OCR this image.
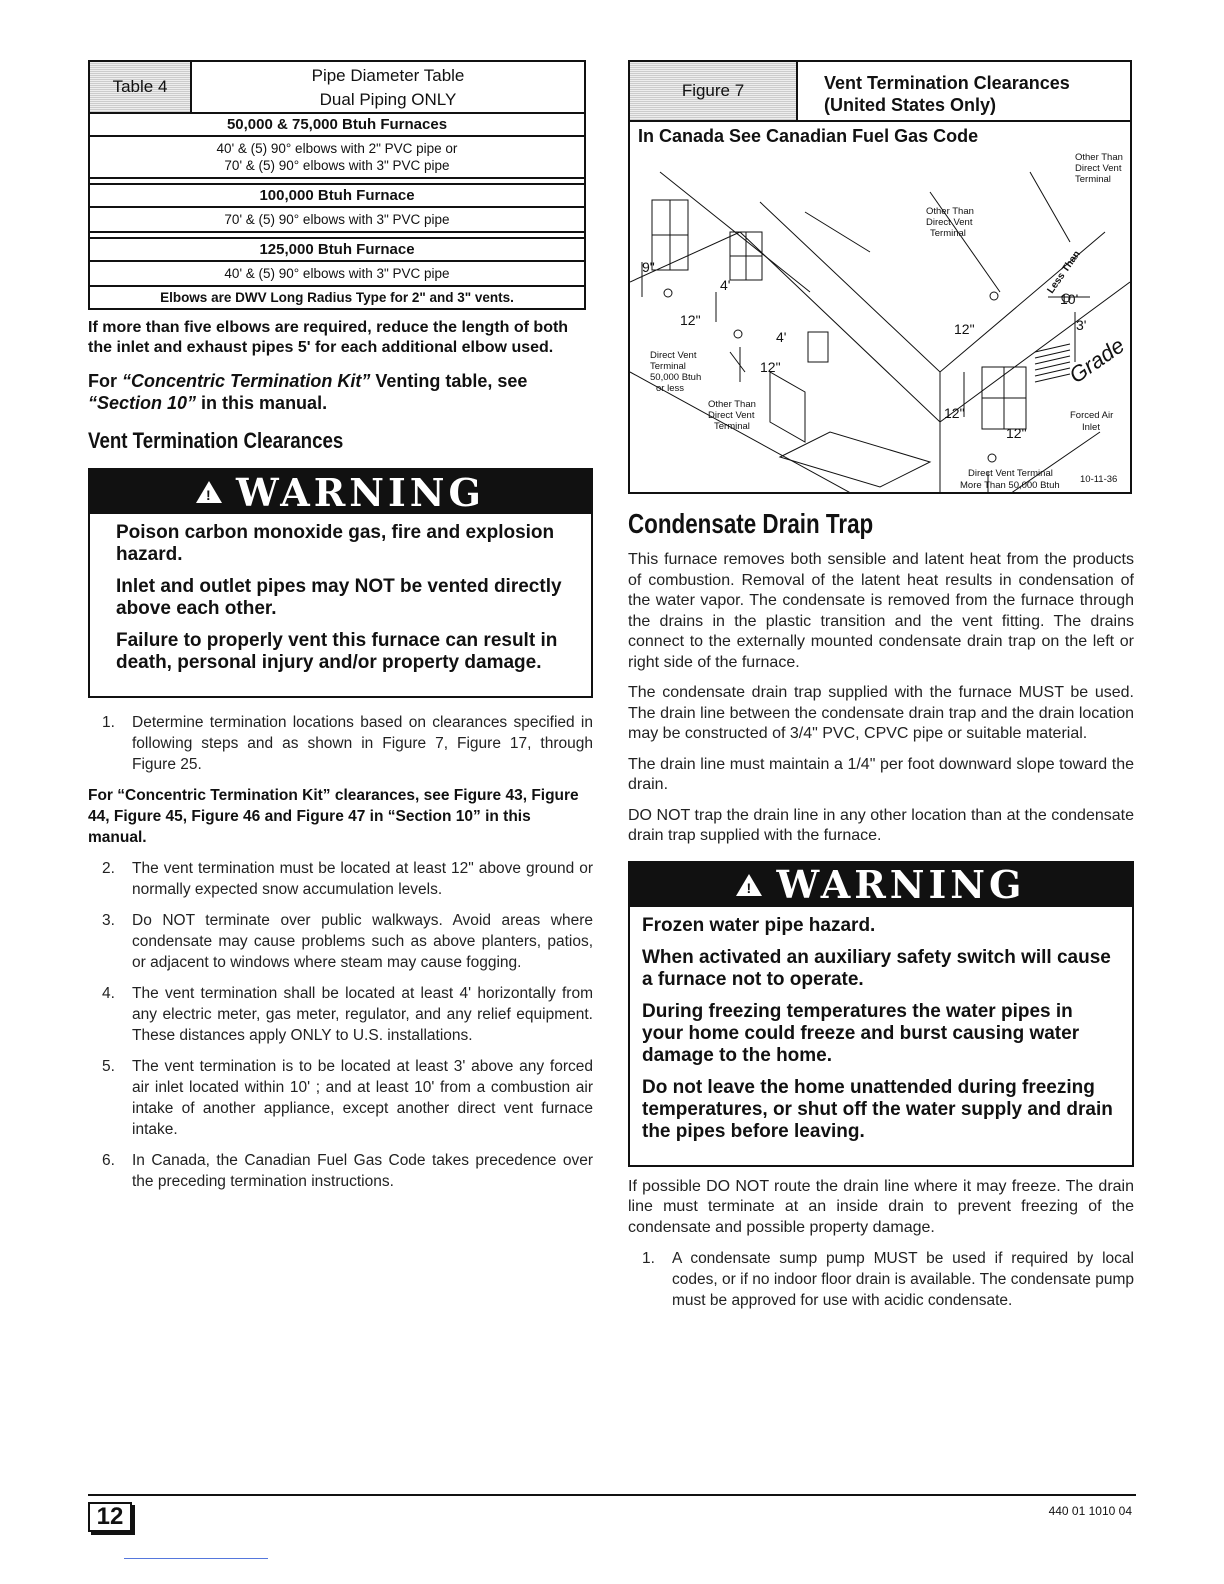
Table 4
Pipe Diameter Table
Dual Piping ONLY
50,000 & 75,000 Btuh Furnaces
40' & (5) 90° elbows with 2" PVC pipe or
70' & (5) 90° elbows with 3" PVC pipe
100,000 Btuh Furnace
70' & (5) 90° elbows with 3" PVC pipe
125,000 Btuh Furnace
40' & (5) 90° elbows with 3" PVC pipe
Elbows are DWV Long Radius Type for 2" and 3" vents.

If more than five elbows are required, reduce the length of both the inlet and exhaust pipes 5' for each additional elbow used.

For “Concentric Termination Kit” Venting table, see “Section 10” in this manual.

Vent Termination Clearances
! WARNING

Poison carbon monoxide gas, fire and explosion hazard.

Inlet and outlet pipes may NOT be vented directly above each other.

Failure to properly vent this furnace can result in death, personal injury and/or property damage.

1.	Determine termination locations based on clearances specified in following steps and as shown in Figure 7, Figure 17, through Figure 25.

For “Concentric Termination Kit” clearances, see Figure 43, Figure 44, Figure 45, Figure 46 and Figure 47 in “Section 10” in this manual.

2.	The vent termination must be located at least 12" above ground or normally expected snow accumulation levels.
3.	Do NOT terminate over public walkways. Avoid areas where condensate may cause problems such as above planters, patios, or adjacent to windows where steam may cause fogging.
4.	The vent termination shall be located at least 4' horizontally from any electric meter, gas meter, regulator, and any relief equipment. These distances apply ONLY to U.S. installations.
5.	The vent termination is to be located at least 3' above any forced air inlet located within 10' ; and at least 10' from a combustion air intake of another appliance, except another direct vent furnace intake.
6.	In Canada, the Canadian Fuel Gas Code takes precedence over the preceding termination instructions.
Figure 7	Vent Termination Clearances
(United States Only)
In Canada See Canadian Fuel Gas Code
Other Than
Direct Vent
Terminal
Other Than
Direct Vent
Terminal
Other Than
Direct Vent
Terminal
Direct Vent
Terminal
50,000 Btuh
or less
Forced Air
Inlet
Direct Vent Terminal
More Than 50,000 Btuh
10-11-36
Less Than
Grade
9"
4'
12"
4'
12"
10'
3'
12"
12"
12"
Condensate Drain Trap

This furnace removes both sensible and latent heat from the products of combustion. Removal of the latent heat results in condensation of the water vapor. The condensate is removed from the furnace through the drains in the plastic transition and the vent fitting. The drains connect to the externally mounted condensate drain trap on the left or right side of the furnace.

The condensate drain trap supplied with the furnace MUST be used. The drain line between the condensate drain trap and the drain location may be constructed of 3/4" PVC, CPVC pipe or suitable material.

The drain line must maintain a 1/4" per foot downward slope toward the drain.

DO NOT trap the drain line in any other location than at the condensate drain trap supplied with the furnace.

! WARNING

Frozen water pipe hazard.

When activated an auxiliary safety switch will cause a furnace not to operate.

During freezing temperatures the water pipes in your home could freeze and burst causing water damage to the home.

Do not leave the home unattended during freezing temperatures, or shut off the water supply and drain the pipes before leaving.

If possible DO NOT route the drain line where it may freeze. The drain line must terminate at an inside drain to prevent freezing of the condensate and possible property damage.

1.	A condensate sump pump MUST be used if required by local codes, or if no indoor floor drain is available. The condensate pump must be approved for use with acidic condensate.
12	440 01 1010 04
